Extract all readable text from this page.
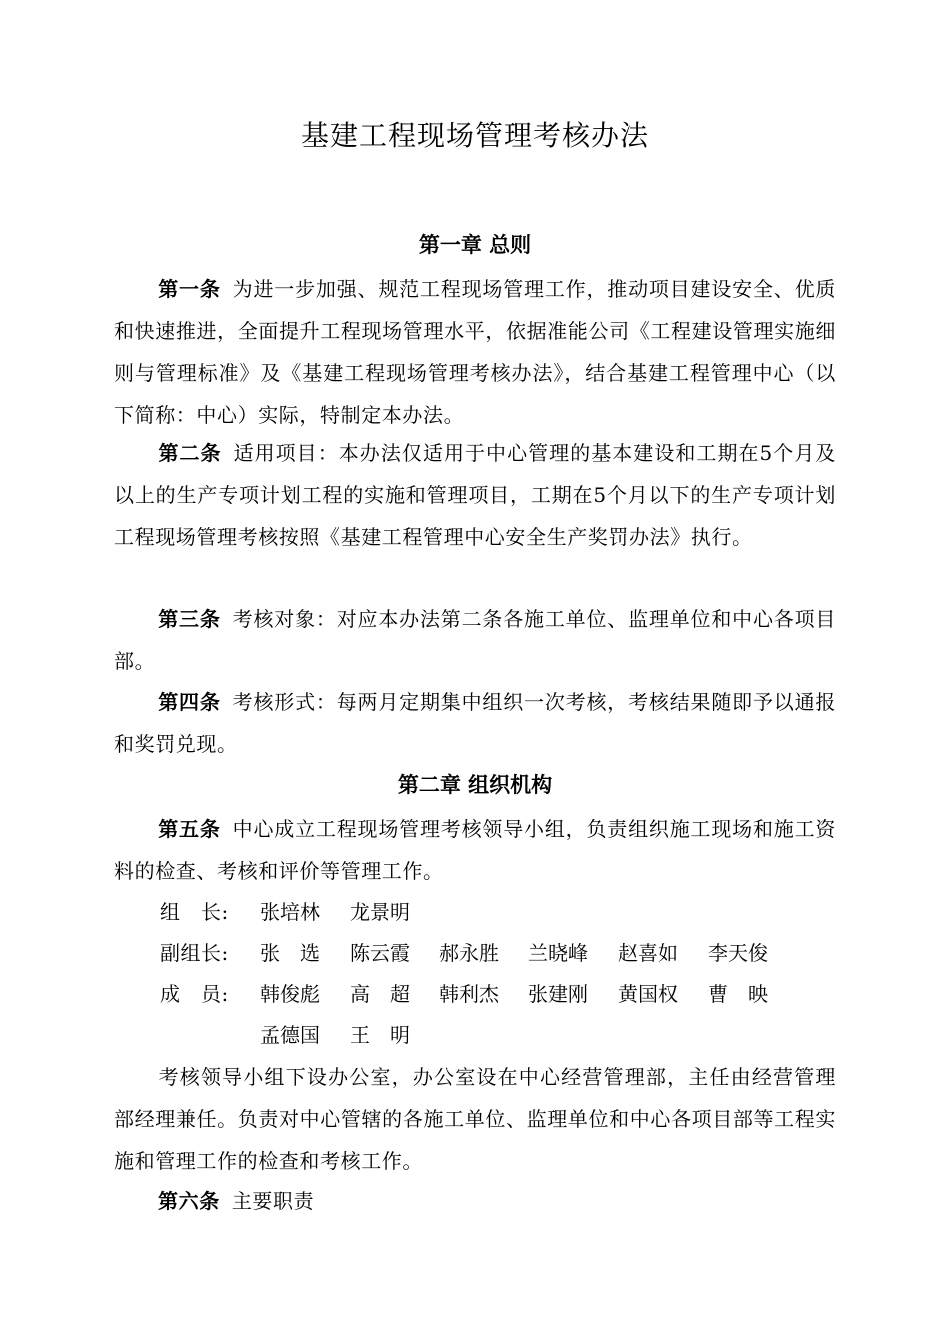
基建工程现场管理考核办法
第一章 总则
第一条 为进一步加强、规范工程现场管理工作，推动项目建设安全、优质和快速推进，全面提升工程现场管理水平，依据准能公司《工程建设管理实施细则与管理标准》及《基建工程现场管理考核办法》，结合基建工程管理中心（以下简称：中心）实际，特制定本办法。
第二条 适用项目：本办法仅适用于中心管理的基本建设和工期在5个月及以上的生产专项计划工程的实施和管理项目，工期在5个月以下的生产专项计划工程现场管理考核按照《基建工程管理中心安全生产奖罚办法》执行。
第三条 考核对象：对应本办法第二条各施工单位、监理单位和中心各项目部。
第四条 考核形式：每两月定期集中组织一次考核，考核结果随即予以通报和奖罚兑现。
第二章 组织机构
第五条 中心成立工程现场管理考核领导小组，负责组织施工现场和施工资料的检查、考核和评价等管理工作。
组　长: 张培林 龙景明
副组长: 张　选 陈云霞 郝永胜 兰晓峰 赵喜如 李天俊
成　员: 韩俊彪 高　超 韩利杰 张建刚 黄国权 曹　映
孟德国 王　明
考核领导小组下设办公室，办公室设在中心经营管理部，主任由经营管理部经理兼任。负责对中心管辖的各施工单位、监理单位和中心各项目部等工程实施和管理工作的检查和考核工作。
第六条 主要职责
